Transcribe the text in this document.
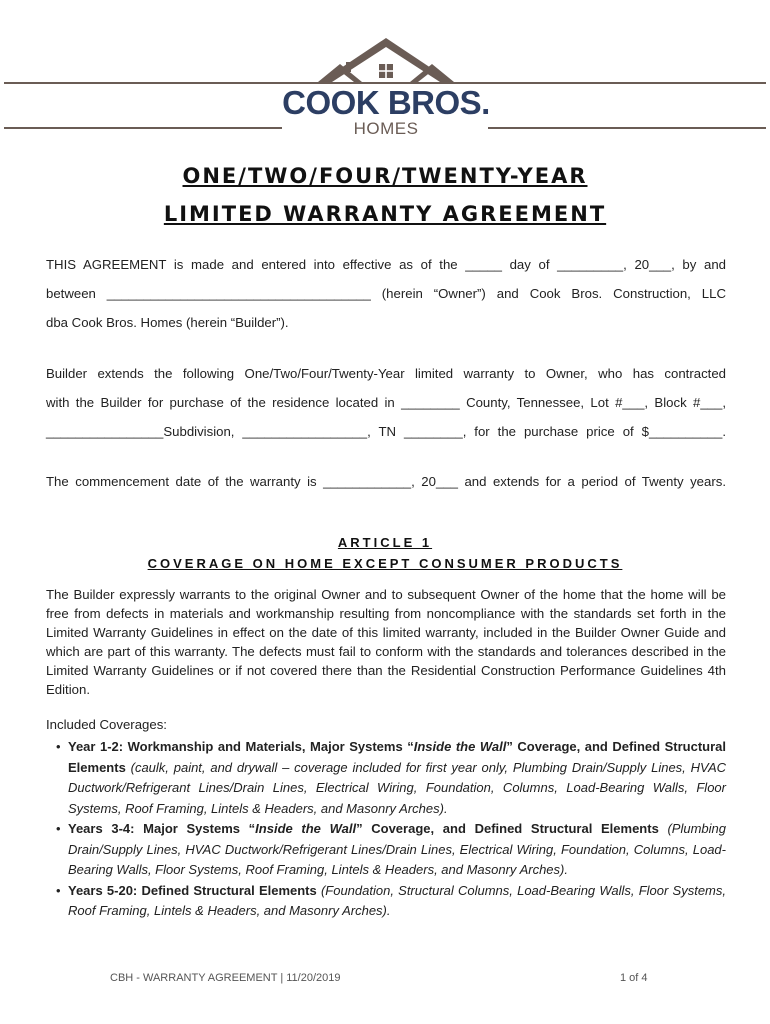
COOK BROS.
HOMES
ONE/TWO/FOUR/TWENTY-YEAR
LIMITED WARRANTY AGREEMENT
THIS AGREEMENT is made and entered into effective as of the _____ day of _________, 20___, by and
between ____________________________________ (herein “Owner”) and Cook Bros. Construction, LLC
dba Cook Bros. Homes (herein “Builder”).
Builder extends the following One/Two/Four/Twenty-Year limited warranty to Owner, who has contracted
with the Builder for purchase of the residence located in ________ County, Tennessee, Lot #___, Block #___,
________________Subdivision, _________________, TN ________, for the purchase price of $__________.
The commencement date of the warranty is ____________, 20___ and extends for a period of Twenty years.
ARTICLE 1
COVERAGE ON HOME EXCEPT CONSUMER PRODUCTS
The Builder expressly warrants to the original Owner and to subsequent Owner of the home that the home will be free from defects in materials and workmanship resulting from noncompliance with the standards set forth in the Limited Warranty Guidelines in effect on the date of this limited warranty, included in the Builder Owner Guide and which are part of this warranty. The defects must fail to conform with the standards and tolerances described in the Limited Warranty Guidelines or if not covered there than the Residential Construction Performance Guidelines 4th Edition.
Included Coverages:
• Year 1-2: Workmanship and Materials, Major Systems “Inside the Wall” Coverage, and Defined Structural Elements (caulk, paint, and drywall – coverage included for first year only, Plumbing Drain/Supply Lines, HVAC Ductwork/Refrigerant Lines/Drain Lines, Electrical Wiring, Foundation, Columns, Load-Bearing Walls, Floor Systems, Roof Framing, Lintels & Headers, and Masonry Arches).
• Years 3-4: Major Systems “Inside the Wall” Coverage, and Defined Structural Elements (Plumbing Drain/Supply Lines, HVAC Ductwork/Refrigerant Lines/Drain Lines, Electrical Wiring, Foundation, Columns, Load-Bearing Walls, Floor Systems, Roof Framing, Lintels & Headers, and Masonry Arches).
• Years 5-20: Defined Structural Elements (Foundation, Structural Columns, Load-Bearing Walls, Floor Systems, Roof Framing, Lintels & Headers, and Masonry Arches).
CBH - WARRANTY AGREEMENT | 11/20/2019	1 of 4
